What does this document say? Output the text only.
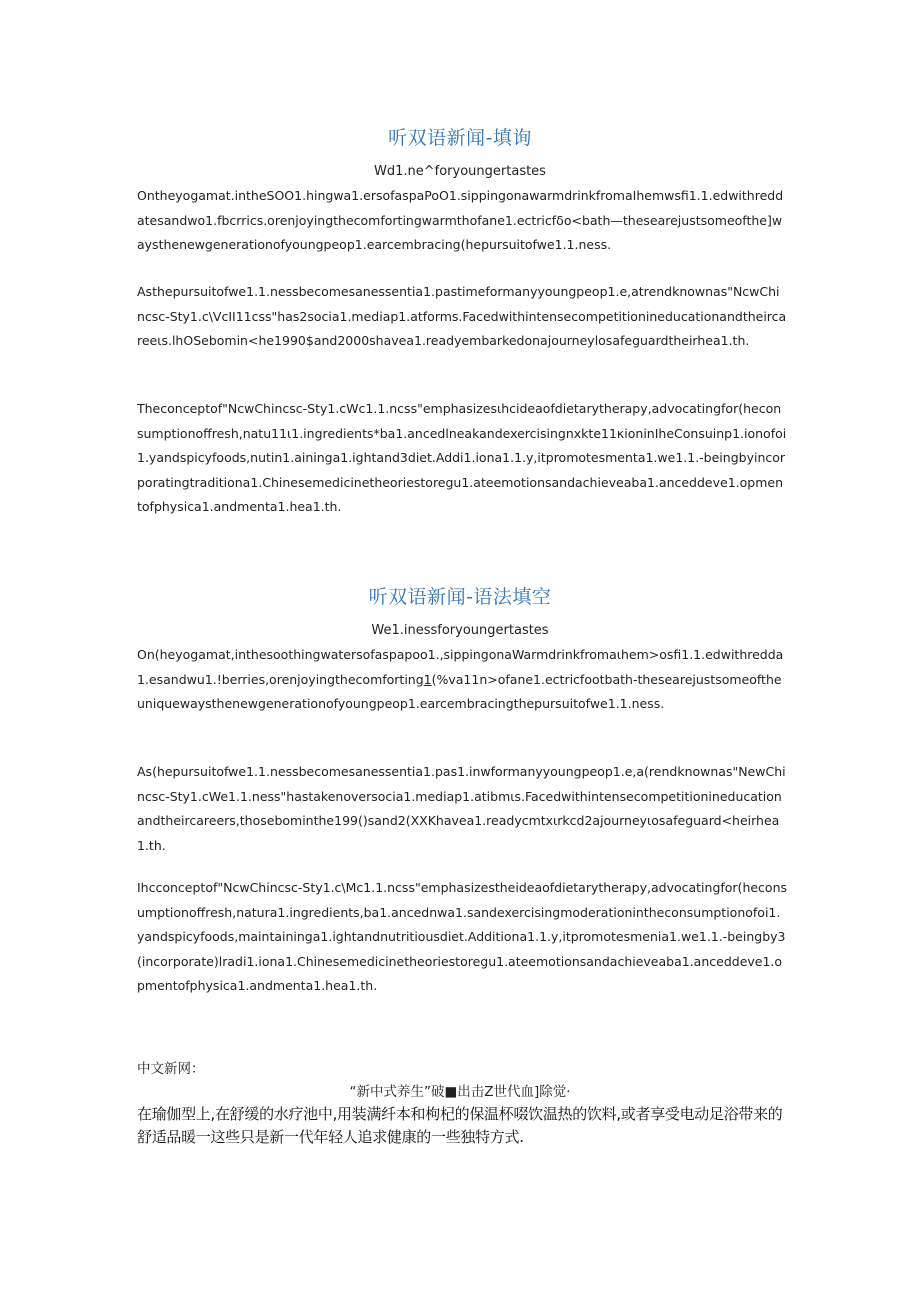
听双语新闻-填询
Wd1.ne^foryoungertastes
Ontheyogamat.intheSOO1.hingwa1.ersofaspaPoO1.sippingonawarmdrinkfromaIhemwsfi1.1.edwithreddatesandwo1.fbcrrics.orenjoyingthecomfortingwarmthofane1.ectricfδo<bath—thesearejustsomeofthe]waysthenewgenerationofyoungpeop1.earcembracing(hepursuitofwe1.1.ness.
Asthepursuitofwe1.1.nessbecomesanessentia1.pastimeformanyyoungpeop1.e,atrendknownas"NcwChincsc-Sty1.c\VcII11css"has2socia1.mediap1.atforms.Facedwithintensecompetitionineducationandtheircareeιs.lhOSebomin<he1990$and2000shavea1.readyembarkedonajourneylosafeguardtheirhea1.th.
Theconceptof"NcwChincsc-Sty1.cWc1.1.ncss"emphasizesιhcideaofdietarytherapy,advocatingfor(heconsumptionoffresh,natu11ι1.ingredients*ba1.ancedlneakandexercisingnxkte11κioninIheConsuinp1.ionofoi1.yandspicyfoods,nutin1.aininga1.ightand3diet.Addi1.iona1.1.y,itpromotesmenta1.we1.1.-beingbyincorporatingtraditiona1.Chinesemedicinetheoriestoregu1.ateemotionsandachieveaba1.anceddeve1.opmentofphysica1.andmenta1.hea1.th.
听双语新闻-语法填空
We1.inessforyoungertastes
On(heyogamat,inthesoothingwatersofaspapoo1.,sippingonaWarmdrinkfromaιhem>osfi1.1.edwithredda1.esandwu1.!berries,orenjoyingthecomforting1(%va11n>ofane1.ectricfootbath-thesearejustsomeoftheuniquewaysthenewgenerationofyoungpeop1.earcembracingthepursuitofwe1.1.ness.
As(hepursuitofwe1.1.nessbecomesanessentia1.pas1.inwformanyyoungpeop1.e,a(rendknownas"NewChincsc-Sty1.cWe1.1.ness"hastakenoversocia1.mediap1.atibmιs.Facedwithintensecompetitionineducationandtheircareers,thosebominthe199()sand2(XXKhavea1.readycmtxιrkcd2ajourneyιosafeguard<heirhea1.th.
Ihcconceptof"NcwChincsc-Sty1.c\Mc1.1.ncss"emphasizestheideaofdietarytherapy,advocatingfor(heconsumptionoffresh,natura1.ingredients,ba1.ancednwa1.sandexercisingmoderationintheconsumptionofoi1.yandspicyfoods,maintaininga1.ightandnutritiousdiet.Additiona1.1.y,itpromotesmenia1.we1.1.-beingby3(incorporate)lradi1.iona1.Chinesemedicinetheoriestoregu1.ateemotionsandachieveaba1.anceddeve1.opmentofphysica1.andmenta1.hea1.th.
中文新网：
“新中式养生”破■出击Z世代血]除觉·
在瑜伽型上,在舒缓的水疗池中,用装满纤本和枸杞的保温杯啜饮温热的饮料,或者享受电动足浴带来的舒适品暖一这些只是新一代年轻人追求健康的一些独特方式.
